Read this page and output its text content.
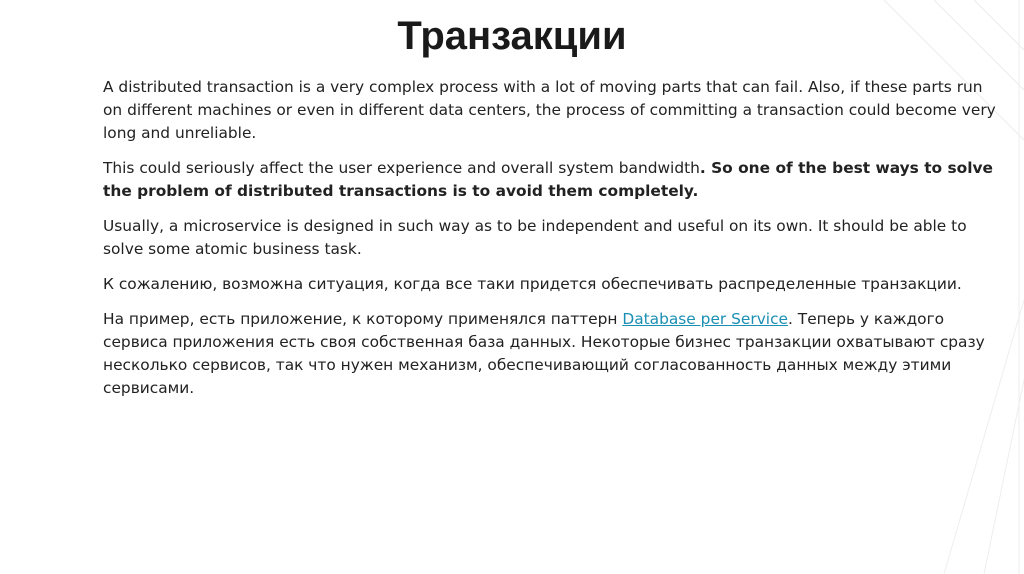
Транзакции

A distributed transaction is a very complex process with a lot of moving parts that can fail. Also, if these parts run on different machines or even in different data centers, the process of committing a transaction could become very long and unreliable.

This could seriously affect the user experience and overall system bandwidth. So one of the best ways to solve the problem of distributed transactions is to avoid them completely.

Usually, a microservice is designed in such way as to be independent and useful on its own. It should be able to solve some atomic business task.

К сожалению, возможна ситуация, когда все таки придется обеспечивать распределенные транзакции.

На пример, есть приложение, к которому применялся паттерн Database per Service. Теперь у каждого сервиса приложения есть своя собственная база данных. Некоторые бизнес транзакции охватывают сразу несколько сервисов, так что нужен механизм, обеспечивающий согласованность данных между этими сервисами.
